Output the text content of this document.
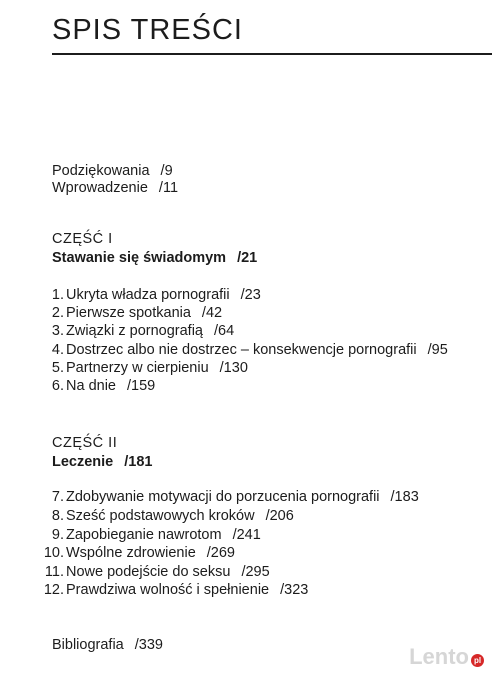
SPIS TREŚCI
Podziękowania /9
Wprowadzenie /11
CZĘŚĆ I
Stawanie się świadomym /21
1. Ukryta władza pornografii /23
2. Pierwsze spotkania /42
3. Związki z pornografią /64
4. Dostrzec albo nie dostrzec – konsekwencje pornografii /95
5. Partnerzy w cierpieniu /130
6. Na dnie /159
CZĘŚĆ II
Leczenie /181
7. Zdobywanie motywacji do porzucenia pornografii /183
8. Sześć podstawowych kroków /206
9. Zapobieganie nawrotom /241
10. Wspólne zdrowienie /269
11. Nowe podejście do seksu /295
12. Prawdziwa wolność i spełnienie /323
Bibliografia /339	Lento pl
